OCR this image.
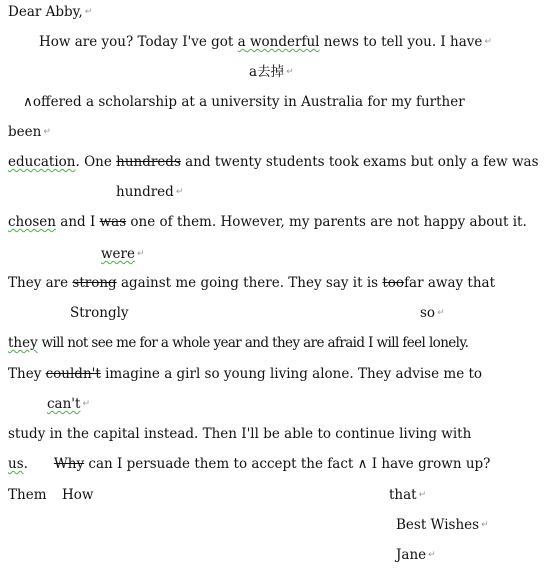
Dear Abby, ↵
How are you? Today I've got a wonderful news to tell you. I have ↵
a去掉 ↵
∧offered a scholarship at a university in Australia for my further
been ↵
education. One hundreds and twenty students took exams but only a few was
hundred ↵
chosen and I was one of them. However, my parents are not happy about it.
were ↵
They are strong against me going there. They say it is toofar away that
Strongly	so ↵
they will not see me for a whole year and they are afraid I will feel lonely.
They couldn't imagine a girl so young living alone. They advise me to
can't ↵
study in the capital instead. Then I'll be able to continue living with
us. Why can I persuade them to accept the fact ∧ I have grown up?
Them How	that ↵
Best Wishes ↵
Jane ↵
